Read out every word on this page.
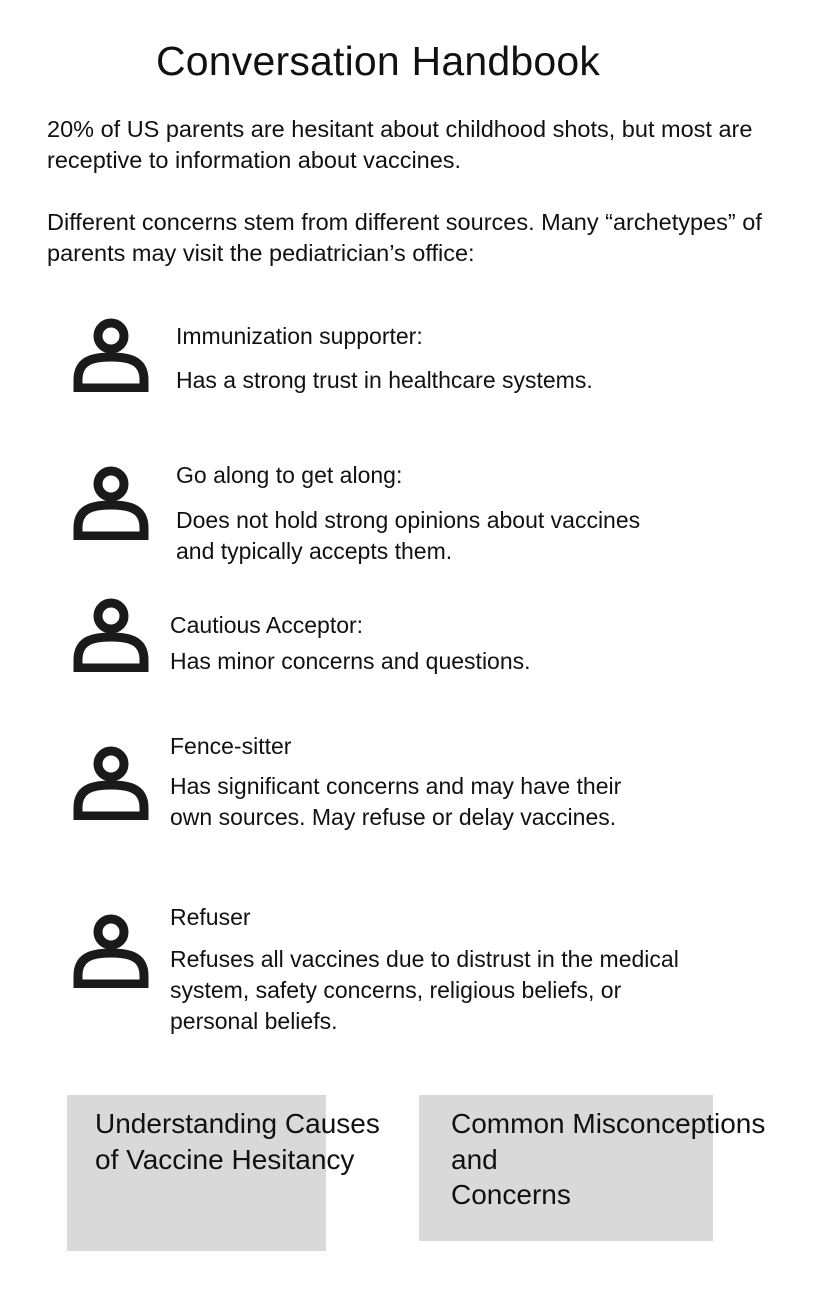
Conversation Handbook

20% of US parents are hesitant about childhood shots, but most are receptive to information about vaccines.

Different concerns stem from different sources. Many “archetypes” of parents may visit the pediatrician’s office:

Immunization supporter:

Has a strong trust in healthcare systems.

Go along to get along:

Does not hold strong opinions about vaccines and typically accepts them.

Cautious Acceptor:

Has minor concerns and questions.

Fence-sitter

Has significant concerns and may have their own sources. May refuse or delay vaccines.

Refuser

Refuses all vaccines due to distrust in the medical system, safety concerns, religious beliefs, or personal beliefs.

Understanding Causes
of Vaccine Hesitancy

Common Misconceptions
and
Concerns
